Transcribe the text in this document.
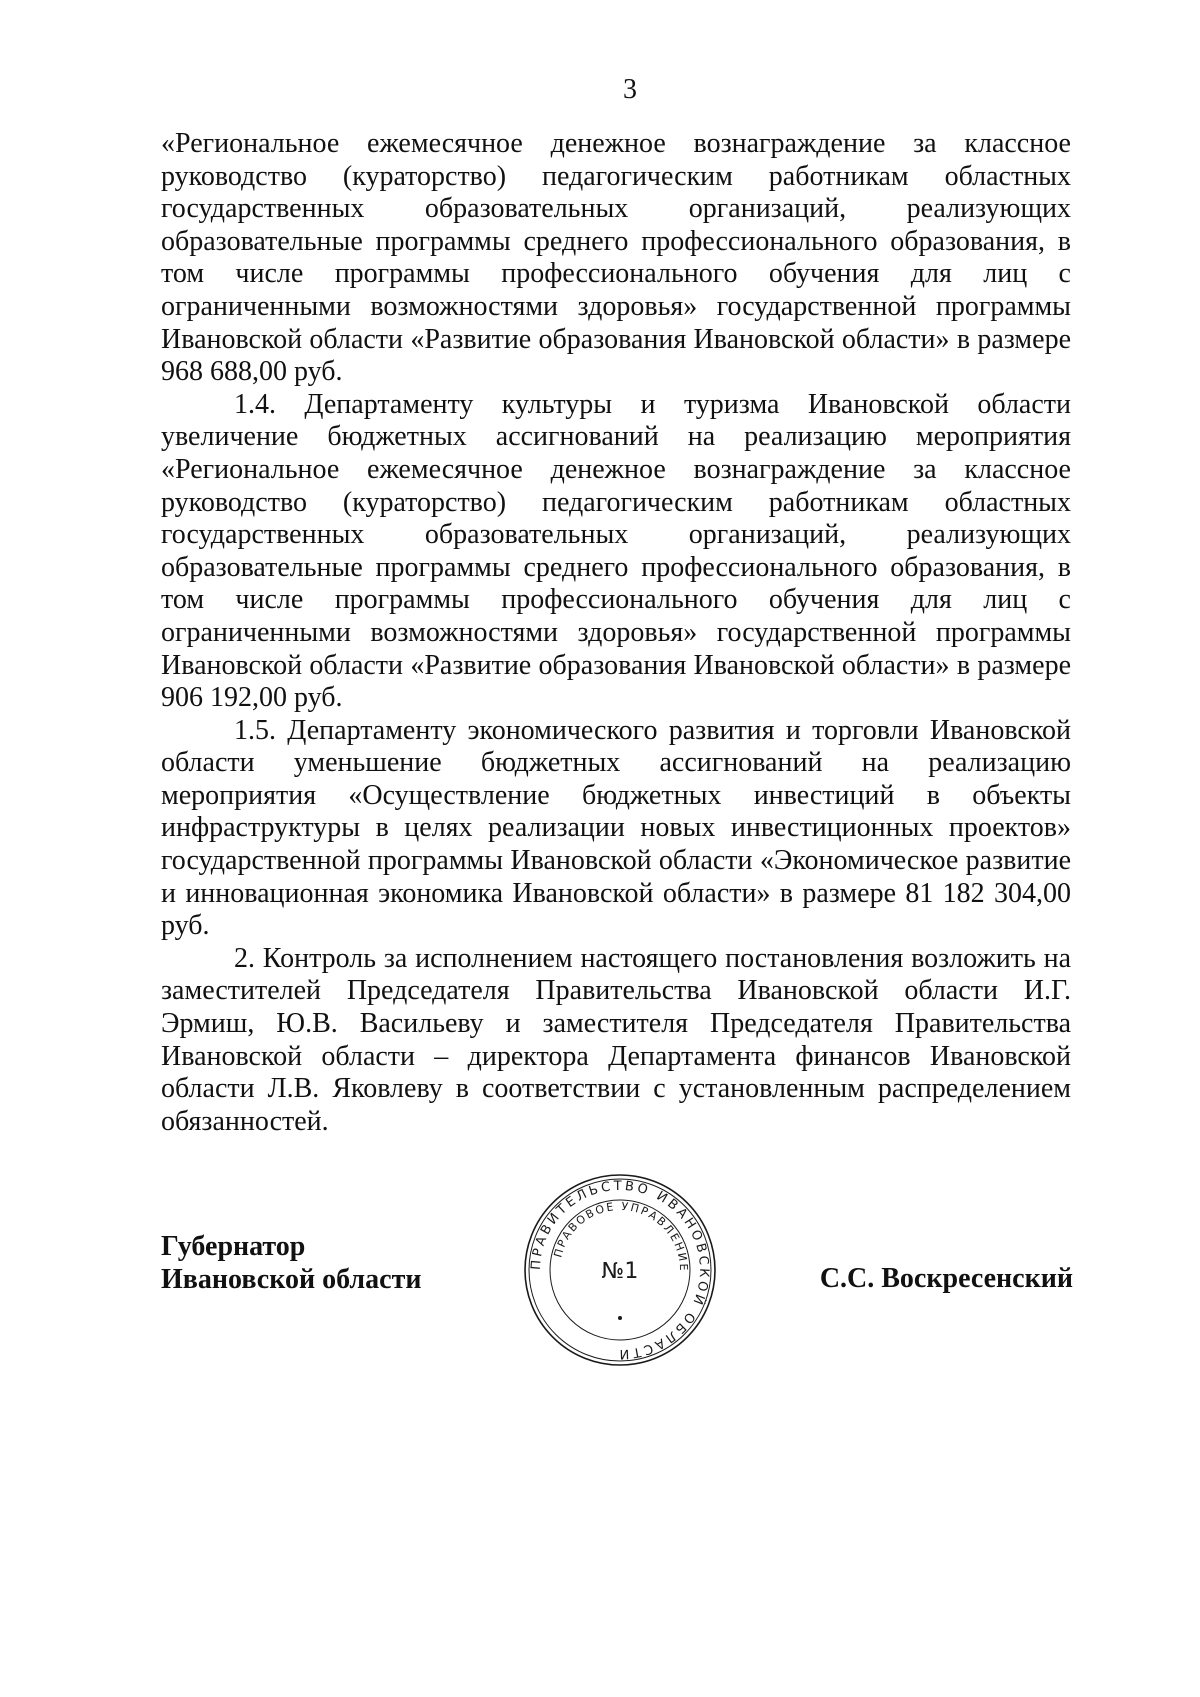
3

«Региональное ежемесячное денежное вознаграждение за классное руководство (кураторство) педагогическим работникам областных государственных образовательных организаций, реализующих образовательные программы среднего профессионального образования, в том числе программы профессионального обучения для лиц с ограниченными возможностями здоровья» государственной программы Ивановской области «Развитие образования Ивановской области» в размере 968 688,00 руб.

1.4. Департаменту культуры и туризма Ивановской области увеличение бюджетных ассигнований на реализацию мероприятия «Региональное ежемесячное денежное вознаграждение за классное руководство (кураторство) педагогическим работникам областных государственных образовательных организаций, реализующих образовательные программы среднего профессионального образования, в том числе программы профессионального обучения для лиц с ограниченными возможностями здоровья» государственной программы Ивановской области «Развитие образования Ивановской области» в размере 906 192,00 руб.

1.5. Департаменту экономического развития и торговли Ивановской области уменьшение бюджетных ассигнований на реализацию мероприятия «Осуществление бюджетных инвестиций в объекты инфраструктуры в целях реализации новых инвестиционных проектов» государственной программы Ивановской области «Экономическое развитие и инновационная экономика Ивановской области» в размере 81 182 304,00 руб.

2. Контроль за исполнением настоящего постановления возложить на заместителей Председателя Правительства Ивановской области И.Г. Эрмиш, Ю.В. Васильеву и заместителя Председателя Правительства Ивановской области – директора Департамента финансов Ивановской области Л.В. Яковлеву в соответствии с установленным распределением обязанностей.

Губернатор
Ивановской области
ПРАВИТЕЛЬСТВО ИВАНОВСКОЙ ОБЛАСТИ
ПРАВОВОЕ УПРАВЛЕНИЕ
№1	С.С. Воскресенский
